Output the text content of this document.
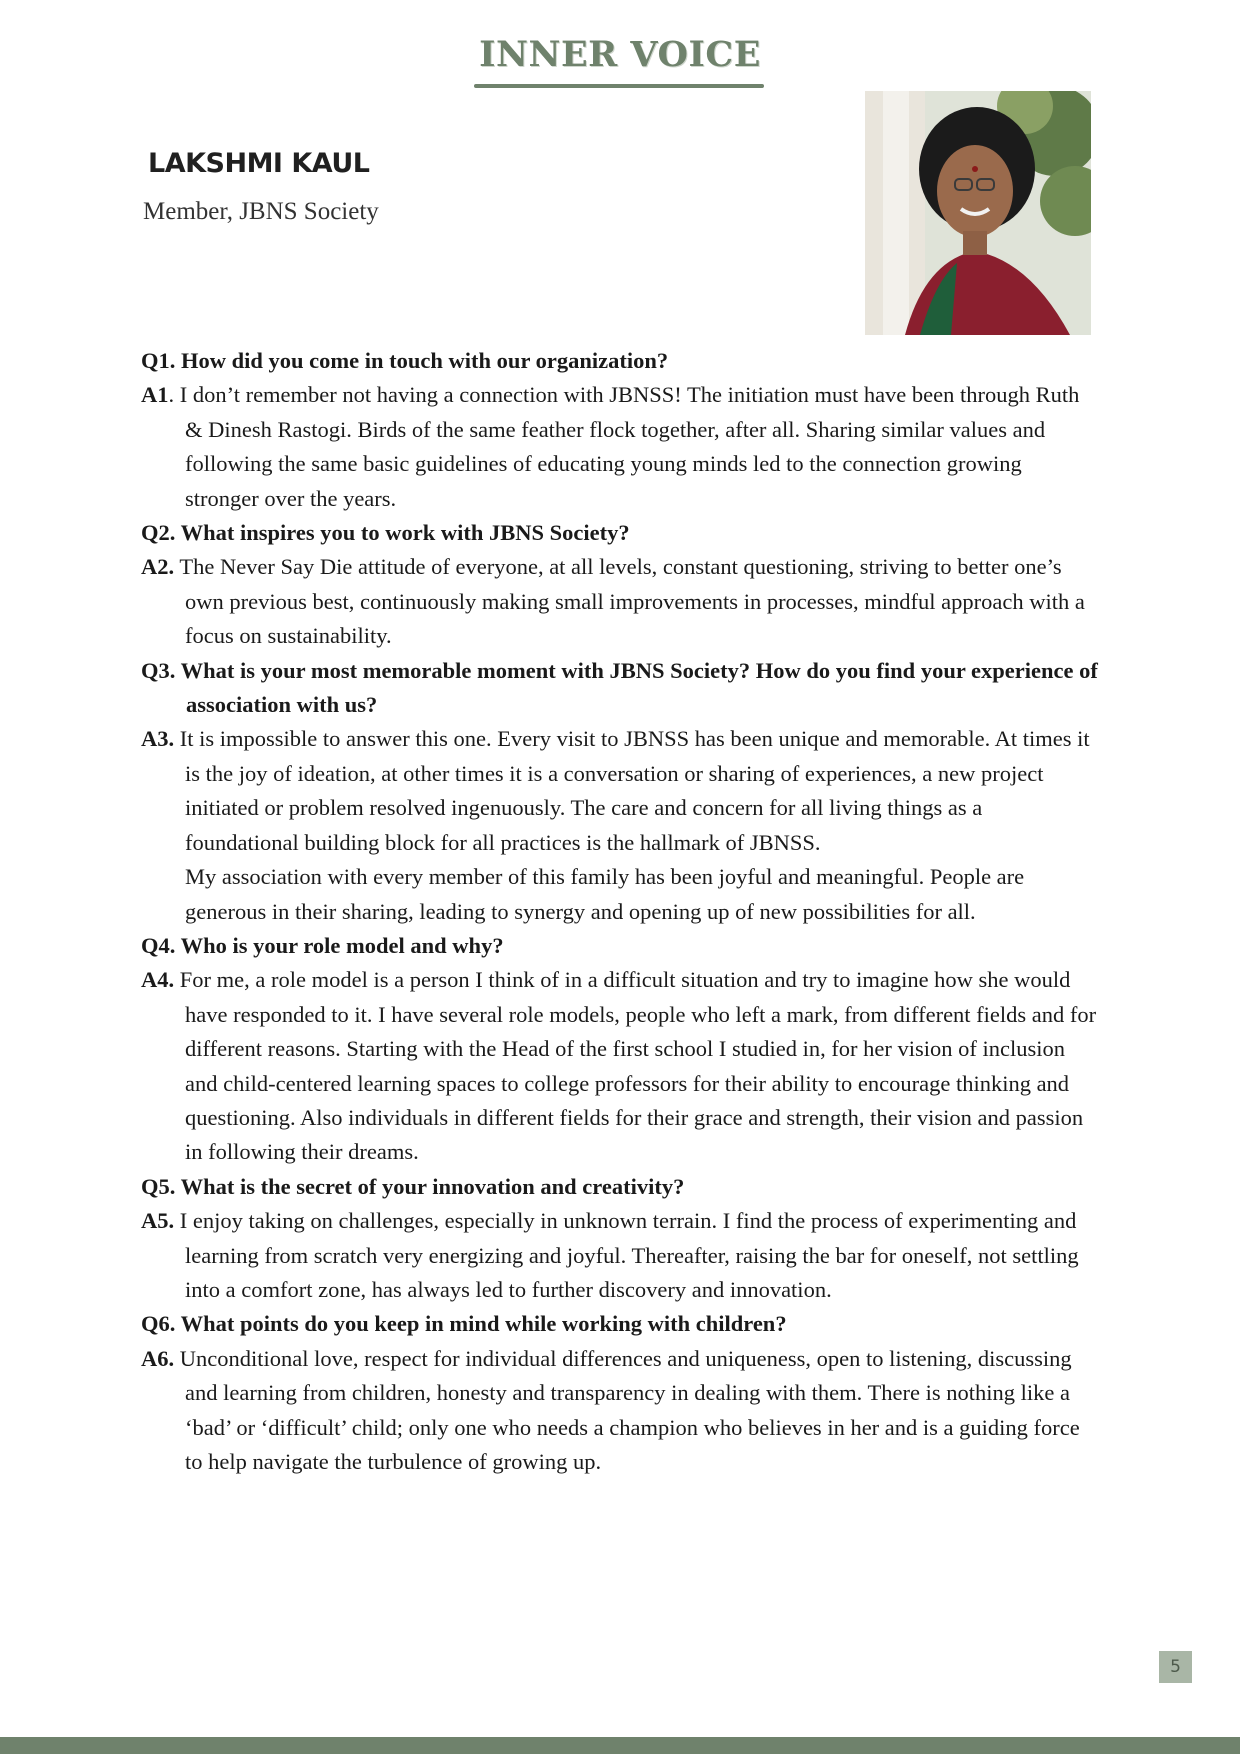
INNER VOICE
LAKSHMI KAUL
Member, JBNS Society
Q1. How did you come in touch with our organization?
A1. I don’t remember not having a connection with JBNSS! The initiation must have been through Ruth & Dinesh Rastogi. Birds of the same feather flock together, after all. Sharing similar values and following the same basic guidelines of educating young minds led to the connection growing stronger over the years.
Q2. What inspires you to work with JBNS Society?
A2. The Never Say Die attitude of everyone, at all levels, constant questioning, striving to better one’s own previous best, continuously making small improvements in processes, mindful approach with a focus on sustainability.
Q3. What is your most memorable moment with JBNS Society? How do you find your experience of association with us?
A3. It is impossible to answer this one. Every visit to JBNSS has been unique and memorable. At times it is the joy of ideation, at other times it is a conversation or sharing of experiences, a new project initiated or problem resolved ingenuously. The care and concern for all living things as a foundational building block for all practices is the hallmark of JBNSS.
My association with every member of this family has been joyful and meaningful. People are generous in their sharing, leading to synergy and opening up of new possibilities for all.
Q4. Who is your role model and why?
A4. For me, a role model is a person I think of in a difficult situation and try to imagine how she would have responded to it. I have several role models, people who left a mark, from different fields and for different reasons. Starting with the Head of the first school I studied in, for her vision of inclusion and child-centered learning spaces to college professors for their ability to encourage thinking and questioning. Also individuals in different fields for their grace and strength, their vision and passion in following their dreams.
Q5. What is the secret of your innovation and creativity?
A5. I enjoy taking on challenges, especially in unknown terrain. I find the process of experimenting and learning from scratch very energizing and joyful. Thereafter, raising the bar for oneself, not settling into a comfort zone, has always led to further discovery and innovation.
Q6. What points do you keep in mind while working with children?
A6. Unconditional love, respect for individual differences and uniqueness, open to listening, discussing and learning from children, honesty and transparency in dealing with them. There is nothing like a ‘bad’ or ‘difficult’ child; only one who needs a champion who believes in her and is a guiding force to help navigate the turbulence of growing up.
5
